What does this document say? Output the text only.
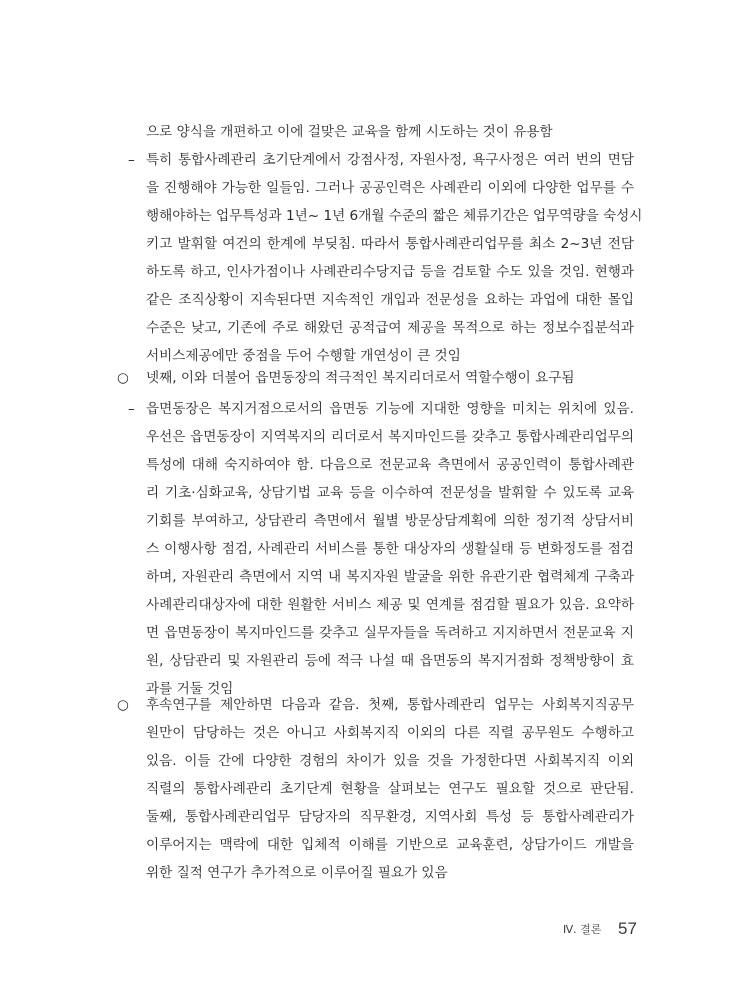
으로 양식을 개편하고 이에 걸맞은 교육을 함께 시도하는 것이 유용함
– 특히 통합사례관리 초기단계에서 강점사정, 자원사정, 욕구사정은 여러 번의 면담
을 진행해야 가능한 일들임. 그러나 공공인력은 사례관리 이외에 다양한 업무를 수
행해야하는 업무특성과 1년~ 1년 6개월 수준의 짧은 체류기간은 업무역량을 숙성시
키고 발휘할 여건의 한계에 부딪침. 따라서 통합사례관리업무를 최소 2~3년 전담
하도록 하고, 인사가점이나 사례관리수당지급 등을 검토할 수도 있을 것임. 현행과
같은 조직상황이 지속된다면 지속적인 개입과 전문성을 요하는 과업에 대한 몰입
수준은 낮고, 기존에 주로 해왔던 공적급여 제공을 목적으로 하는 정보수집분석과
서비스제공에만 중점을 두어 수행할 개연성이 큰 것임
○ 넷째, 이와 더불어 읍면동장의 적극적인 복지리더로서 역할수행이 요구됨
– 읍면동장은 복지거점으로서의 읍면동 기능에 지대한 영향을 미치는 위치에 있음.
우선은 읍면동장이 지역복지의 리더로서 복지마인드를 갖추고 통합사례관리업무의
특성에 대해 숙지하여야 함. 다음으로 전문교육 측면에서 공공인력이 통합사례관
리 기초·심화교육, 상담기법 교육 등을 이수하여 전문성을 발휘할 수 있도록 교육
기회를 부여하고, 상담관리 측면에서 월별 방문상담계획에 의한 정기적 상담서비
스 이행사항 점검, 사례관리 서비스를 통한 대상자의 생활실태 등 변화정도를 점검
하며, 자원관리 측면에서 지역 내 복지자원 발굴을 위한 유관기관 협력체계 구축과
사례관리대상자에 대한 원활한 서비스 제공 및 연계를 점검할 필요가 있음. 요약하
면 읍면동장이 복지마인드를 갖추고 실무자들을 독려하고 지지하면서 전문교육 지
원, 상담관리 및 자원관리 등에 적극 나설 때 읍면동의 복지거점화 정책방향이 효
과를 거둘 것임
○ 후속연구를 제안하면 다음과 같음. 첫째, 통합사례관리 업무는 사회복지직공무
원만이 담당하는 것은 아니고 사회복지직 이외의 다른 직렬 공무원도 수행하고
있음. 이들 간에 다양한 경험의 차이가 있을 것을 가정한다면 사회복지직 이외
직렬의 통합사례관리 초기단계 현황을 살펴보는 연구도 필요할 것으로 판단됨.
둘째, 통합사례관리업무 담당자의 직무환경, 지역사회 특성 등 통합사례관리가
이루어지는 맥락에 대한 입체적 이해를 기반으로 교육훈련, 상담가이드 개발을
위한 질적 연구가 추가적으로 이루어질 필요가 있음
Ⅳ. 결론 57
